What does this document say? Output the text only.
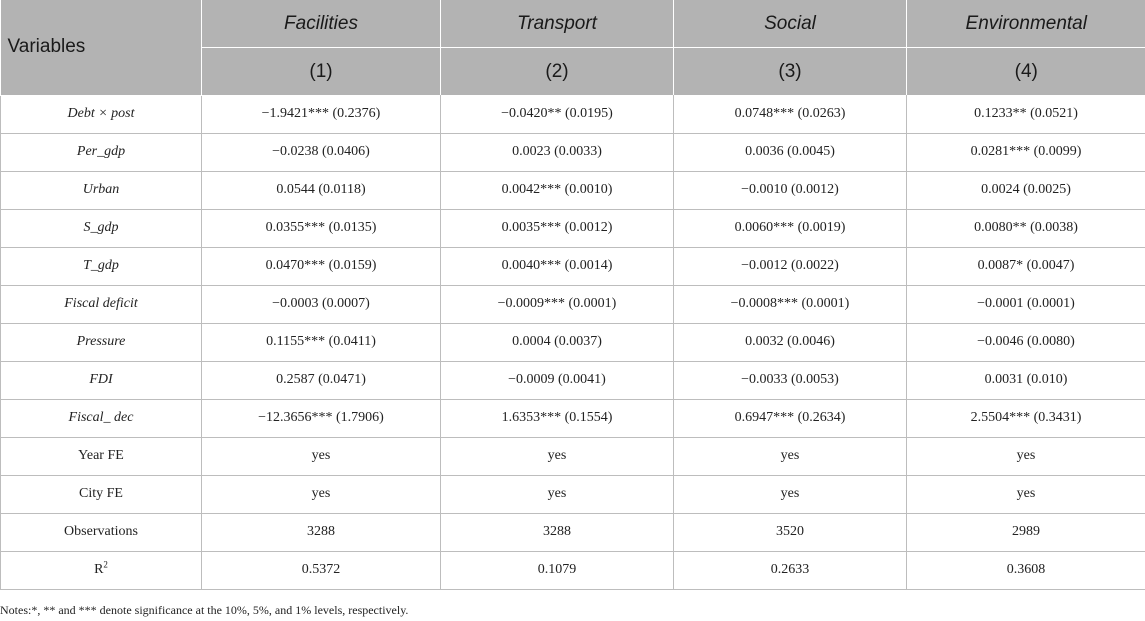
Variables	Facilities	Transport	Social	Environmental
	(1)	(2)	(3)	(4)
Debt × post	−1.9421*** (0.2376)	−0.0420** (0.0195)	0.0748*** (0.0263)	0.1233** (0.0521)
Per_gdp	−0.0238 (0.0406)	0.0023 (0.0033)	0.0036 (0.0045)	0.0281*** (0.0099)
Urban	0.0544 (0.0118)	0.0042*** (0.0010)	−0.0010 (0.0012)	0.0024 (0.0025)
S_gdp	0.0355*** (0.0135)	0.0035*** (0.0012)	0.0060*** (0.0019)	0.0080** (0.0038)
T_gdp	0.0470*** (0.0159)	0.0040*** (0.0014)	−0.0012 (0.0022)	0.0087* (0.0047)
Fiscal deficit	−0.0003 (0.0007)	−0.0009*** (0.0001)	−0.0008*** (0.0001)	−0.0001 (0.0001)
Pressure	0.1155*** (0.0411)	0.0004 (0.0037)	0.0032 (0.0046)	−0.0046 (0.0080)
FDI	0.2587 (0.0471)	−0.0009 (0.0041)	−0.0033 (0.0053)	0.0031 (0.010)
Fiscal_ dec	−12.3656*** (1.7906)	1.6353*** (0.1554)	0.6947*** (0.2634)	2.5504*** (0.3431)
Year FE	yes	yes	yes	yes
City FE	yes	yes	yes	yes
Observations	3288	3288	3520	2989
$R^2$	0.5372	0.1079	0.2633	0.3608
Notes:*, ** and *** denote significance at the 10%, 5%, and 1% levels, respectively.
